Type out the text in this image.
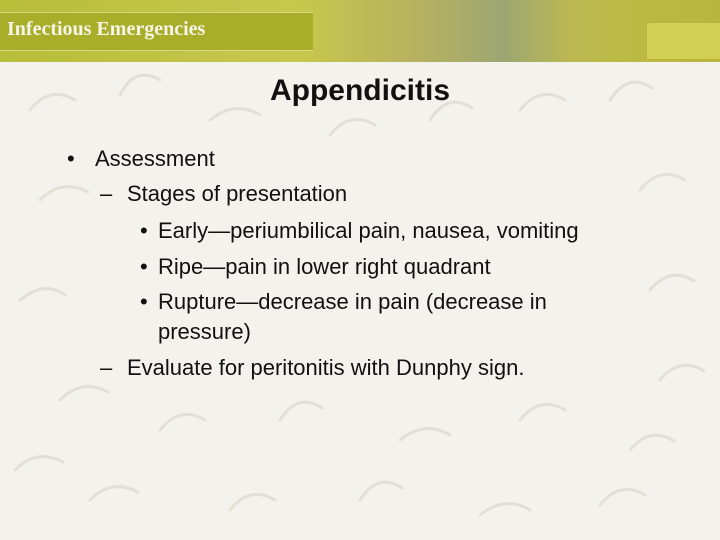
Infectious Emergencies
Appendicitis
• Assessment
– Stages of presentation
• Early—periumbilical pain, nausea, vomiting
• Ripe—pain in lower right quadrant
• Rupture—decrease in pain (decrease in
pressure)
– Evaluate for peritonitis with Dunphy sign.
